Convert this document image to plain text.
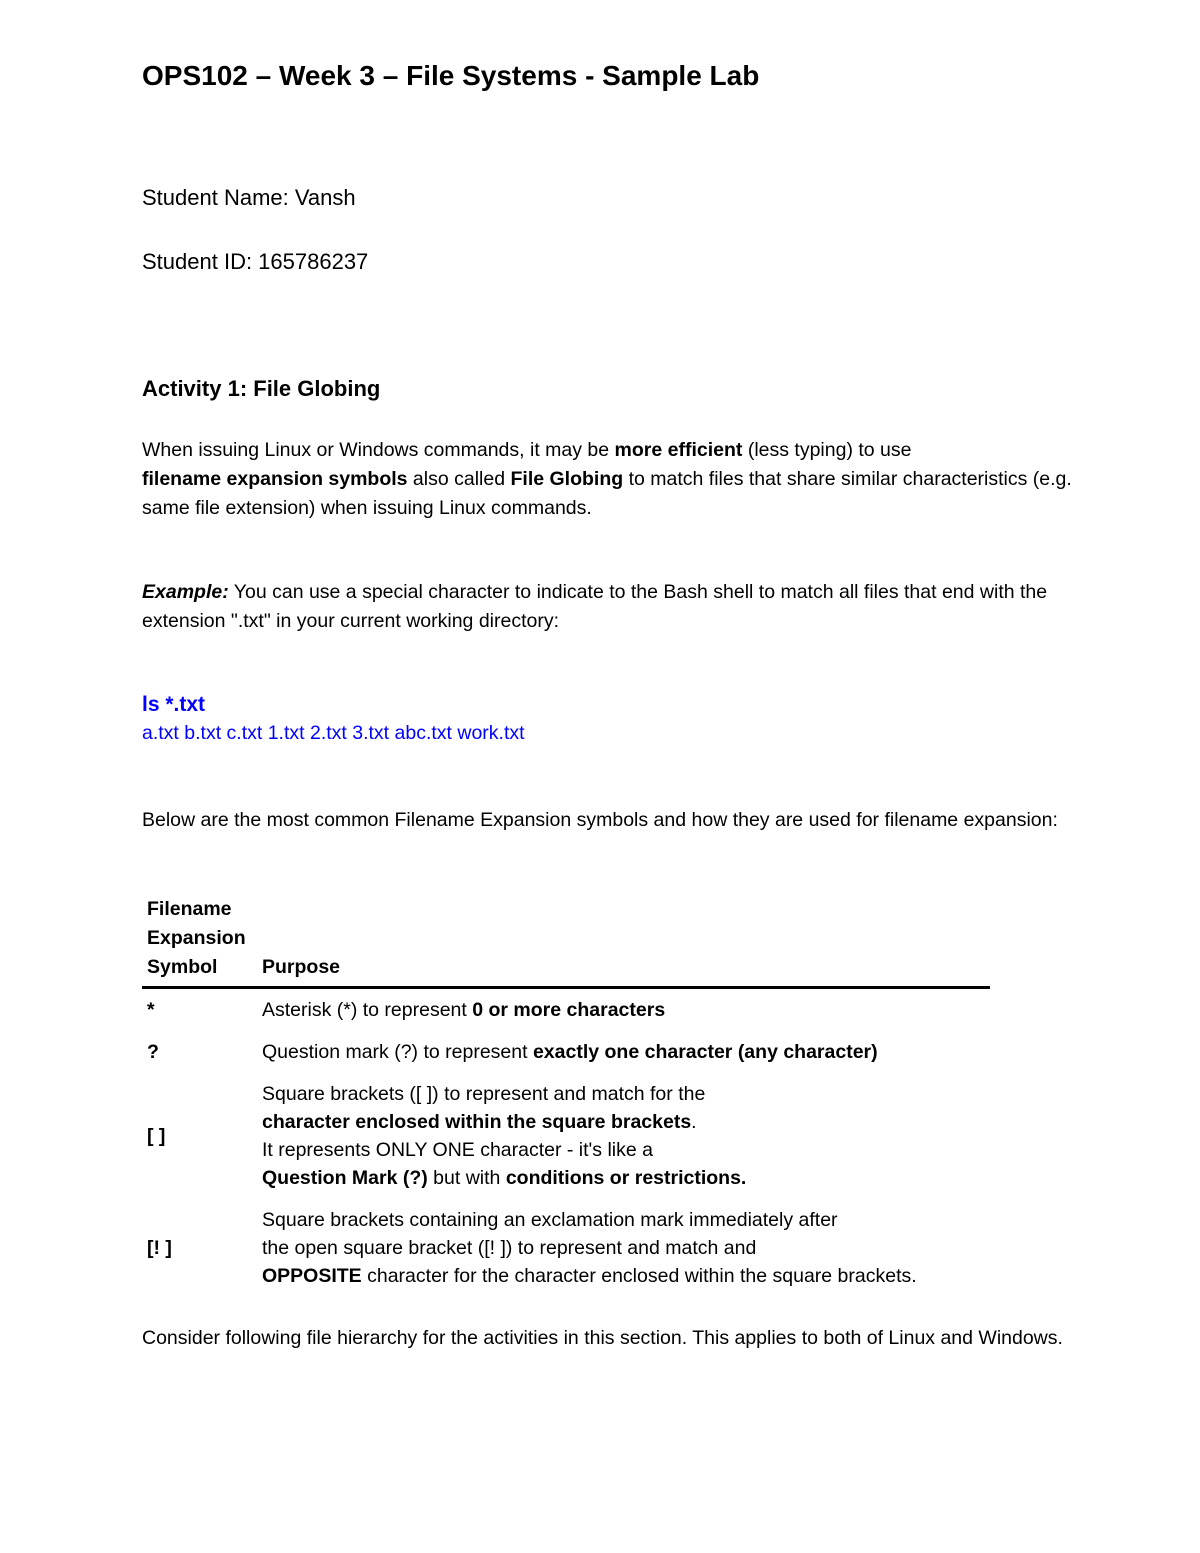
OPS102 – Week 3 – File Systems - Sample Lab
Student Name: Vansh
Student ID: 165786237
Activity 1: File Globing
When issuing Linux or Windows commands, it may be more efficient (less typing) to use
filename expansion symbols also called File Globing to match files that share similar characteristics (e.g. same file extension) when issuing Linux commands.
Example: You can use a special character to indicate to the Bash shell to match all files that end with the extension ".txt" in your current working directory:
ls *.txt
a.txt b.txt c.txt 1.txt 2.txt 3.txt abc.txt work.txt
Below are the most common Filename Expansion symbols and how they are used for filename expansion:
Filename
Expansion
Symbol	Purpose
*	Asterisk (*) to represent 0 or more characters
?	Question mark (?) to represent exactly one character (any character)
[ ]	Square brackets ([ ]) to represent and match for the
character enclosed within the square brackets.
It represents ONLY ONE character - it's like a
Question Mark (?) but with conditions or restrictions.
[! ]	Square brackets containing an exclamation mark immediately after
the open square bracket ([! ]) to represent and match and
OPPOSITE character for the character enclosed within the square brackets.
Consider following file hierarchy for the activities in this section. This applies to both of Linux and Windows.
